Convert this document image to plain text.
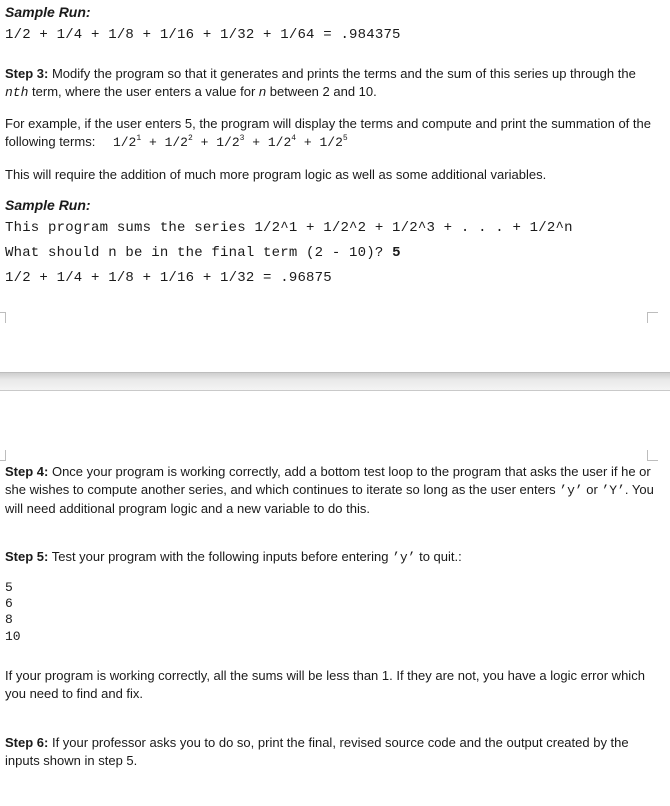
Sample Run:
1/2 + 1/4 + 1/8 + 1/16 + 1/32 + 1/64 = .984375
Step 3: Modify the program so that it generates and prints the terms and the sum of this series up through the nth term, where the user enters a value for n between 2 and 10.
For example, if the user enters 5, the program will display the terms and compute and print the summation of the following terms: $1/2^1 + 1/2^2 + 1/2^3 + 1/2^4 + 1/2^5$
This will require the addition of much more program logic as well as some additional variables.
Sample Run:
This program sums the series 1/2^1 + 1/2^2 + 1/2^3 + . . . + 1/2^n
What should n be in the final term (2 - 10)? 5
1/2 + 1/4 + 1/8 + 1/16 + 1/32 = .96875
Step 4: Once your program is working correctly, add a bottom test loop to the program that asks the user if he or she wishes to compute another series, and which continues to iterate so long as the user enters ’y’ or ’Y’. You will need additional program logic and a new variable to do this.
Step 5: Test your program with the following inputs before entering ’y’ to quit.:
5
6
8
10
If your program is working correctly, all the sums will be less than 1. If they are not, you have a logic error which you need to find and fix.
Step 6: If your professor asks you to do so, print the final, revised source code and the output created by the inputs shown in step 5.
